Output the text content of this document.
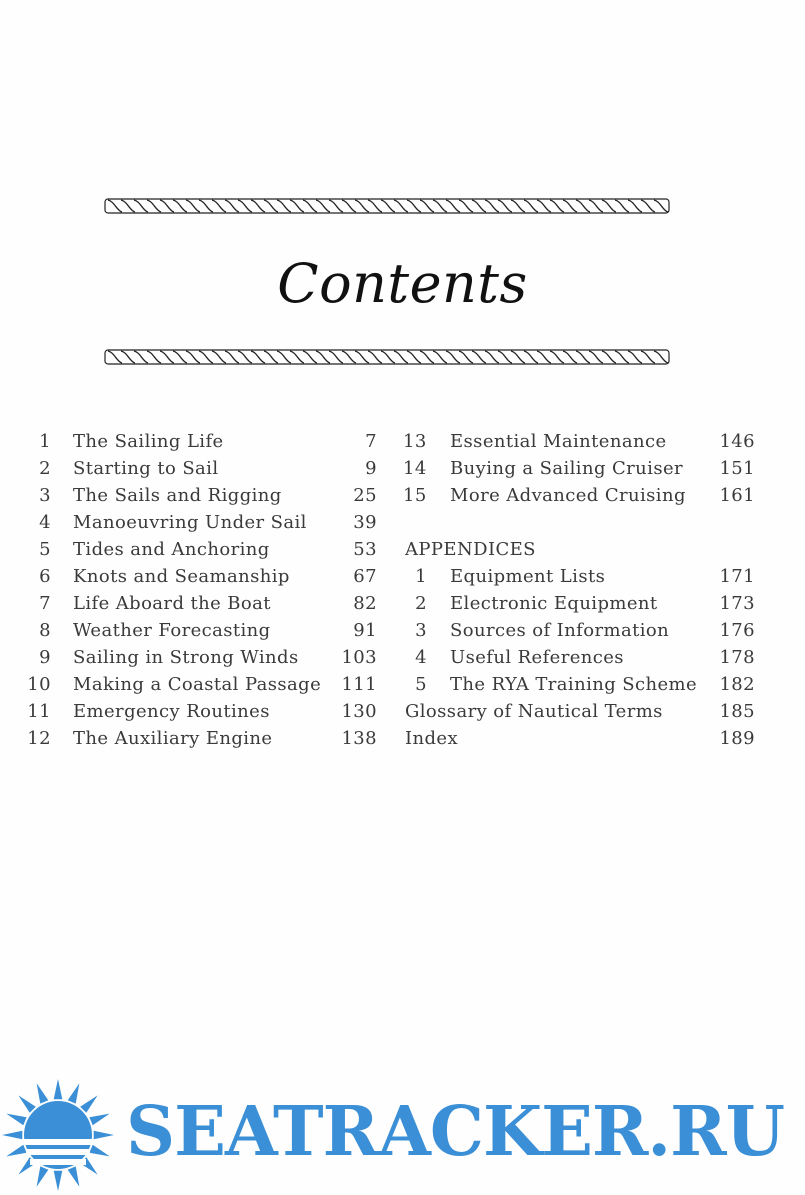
Contents
1 The Sailing Life	7
2 Starting to Sail	9
3 The Sails and Rigging	25
4 Manoeuvring Under Sail	39
5 Tides and Anchoring	53
6 Knots and Seamanship	67
7 Life Aboard the Boat	82
8 Weather Forecasting	91
9 Sailing in Strong Winds 103
10 Making a Coastal Passage 111
11 Emergency Routines	130
12 The Auxiliary Engine	138
13 Essential Maintenance	146
14 Buying a Sailing Cruiser 151
15 More Advanced Cruising 161
APPENDICES
1 Equipment Lists	171
2 Electronic Equipment	173
3 Sources of Information	176
4 Useful References	178
5 The RYA Training Scheme 182
Glossary of Nautical Terms	185
Index	189
SEATRACKER.RU
